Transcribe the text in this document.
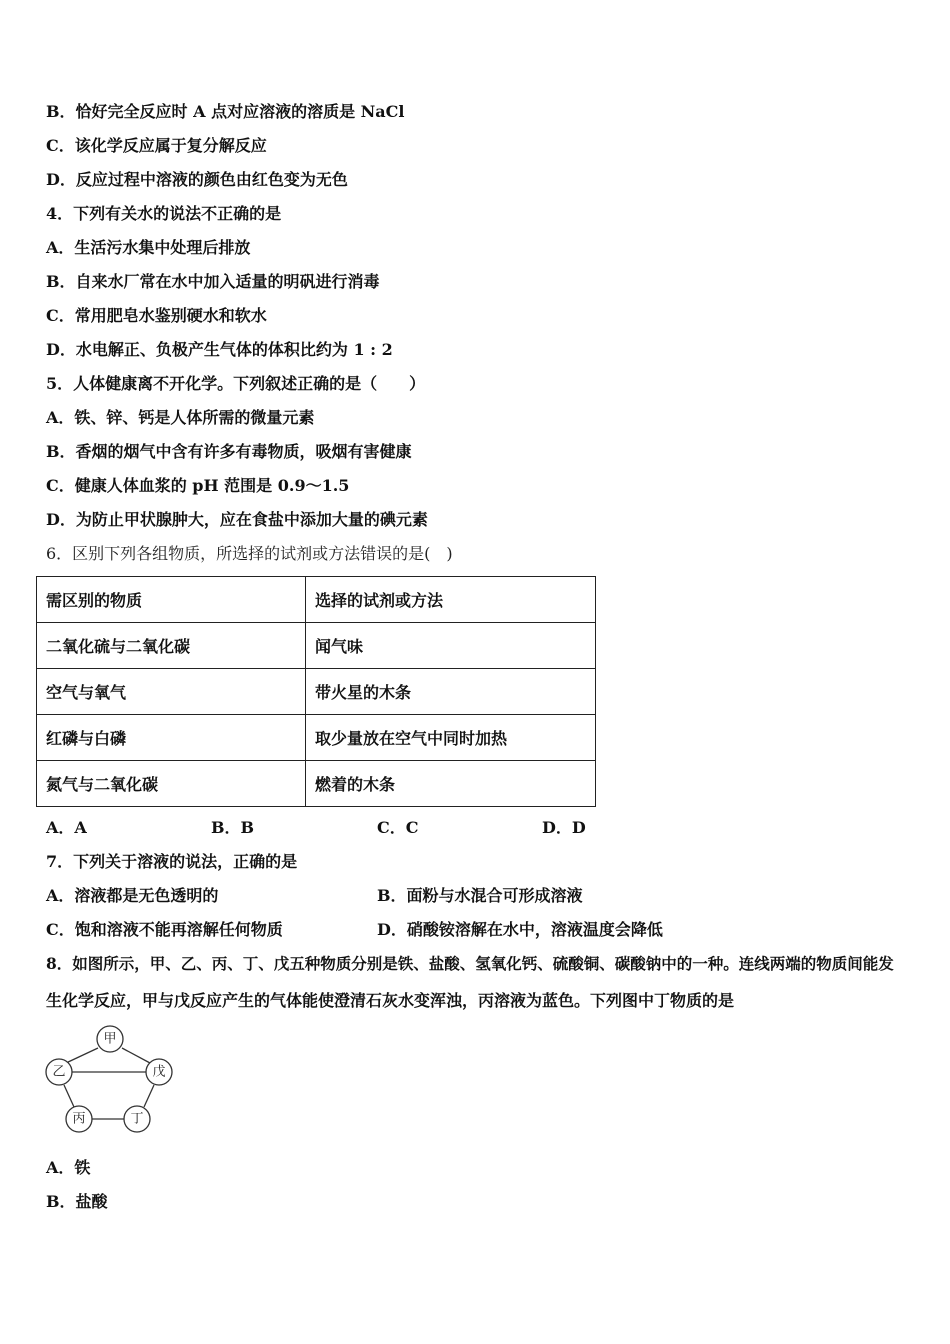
B．恰好完全反应时 A 点对应溶液的溶质是 NaCl
C．该化学反应属于复分解反应
D．反应过程中溶液的颜色由红色变为无色
4．下列有关水的说法不正确的是
A．生活污水集中处理后排放
B．自来水厂常在水中加入适量的明矾进行消毒
C．常用肥皂水鉴别硬水和软水
D．水电解正、负极产生气体的体积比约为 1 : 2
5．人体健康离不开化学。下列叙述正确的是（　　）
A．铁、锌、钙是人体所需的微量元素
B．香烟的烟气中含有许多有毒物质，吸烟有害健康
C．健康人体血浆的 pH 范围是 0.9～1.5
D．为防止甲状腺肿大，应在食盐中添加大量的碘元素
6．区别下列各组物质，所选择的试剂或方法错误的是(　)
需区别的物质	选择的试剂或方法
二氧化硫与二氧化碳	闻气味
空气与氧气	带火星的木条
红磷与白磷	取少量放在空气中同时加热
氮气与二氧化碳	燃着的木条
A．A	B．B	C．C	D．D
7．下列关于溶液的说法，正确的是
A．溶液都是无色透明的	B．面粉与水混合可形成溶液
C．饱和溶液不能再溶解任何物质	D．硝酸铵溶解在水中，溶液温度会降低
8．如图所示，甲、乙、丙、丁、戊五种物质分别是铁、盐酸、氢氧化钙、硫酸铜、碳酸钠中的一种。连线两端的物质间能发
生化学反应，甲与戊反应产生的气体能使澄清石灰水变浑浊，丙溶液为蓝色。下列图中丁物质的是
甲
乙	戊
丙	丁
A．铁
B．盐酸
